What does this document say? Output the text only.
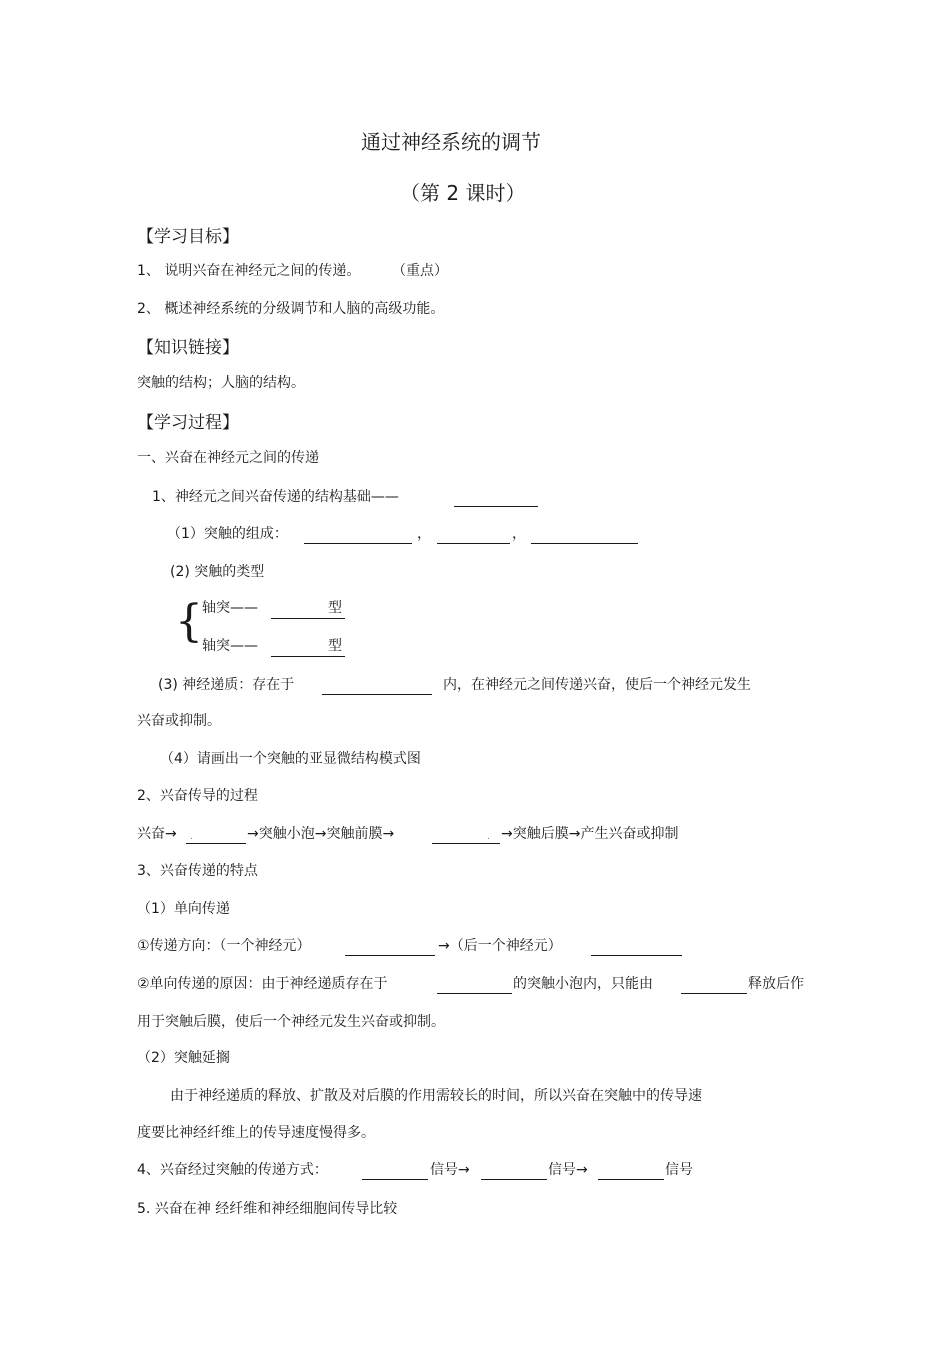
通过神经系统的调节
（第 2 课时）
【学习目标】
1、 说明兴奋在神经元之间的传递。 （重点）
2、 概述神经系统的分级调节和人脑的高级功能。
【知识链接】
突触的结构；人脑的结构。
【学习过程】
一、兴奋在神经元之间的传递
1、神经元之间兴奋传递的结构基础——
（1）突触的组成：	，	，
(2) 突触的类型
{ 轴突——	型
轴突——	型
(3) 神经递质：存在于	内，在神经元之间传递兴奋，使后一个神经元发生
兴奋或抑制。
（4）请画出一个突触的亚显微结构模式图
2、兴奋传导的过程
兴奋→ .	→突触小泡→突触前膜→	. →突触后膜→产生兴奋或抑制
3、兴奋传递的特点
（1）单向传递
①传递方向：（一个神经元）	→（后一个神经元）
②单向传递的原因：由于神经递质存在于	的突触小泡内，只能由	释放后作
用于突触后膜，使后一个神经元发生兴奋或抑制。
（2）突触延搁
由于神经递质的释放、扩散及对后膜的作用需较长的时间，所以兴奋在突触中的传导速
度要比神经纤维上的传导速度慢得多。
4、兴奋经过突触的传递方式：	信号→	信号→	信号
5. 兴奋在神 经纤维和神经细胞间传导比较
